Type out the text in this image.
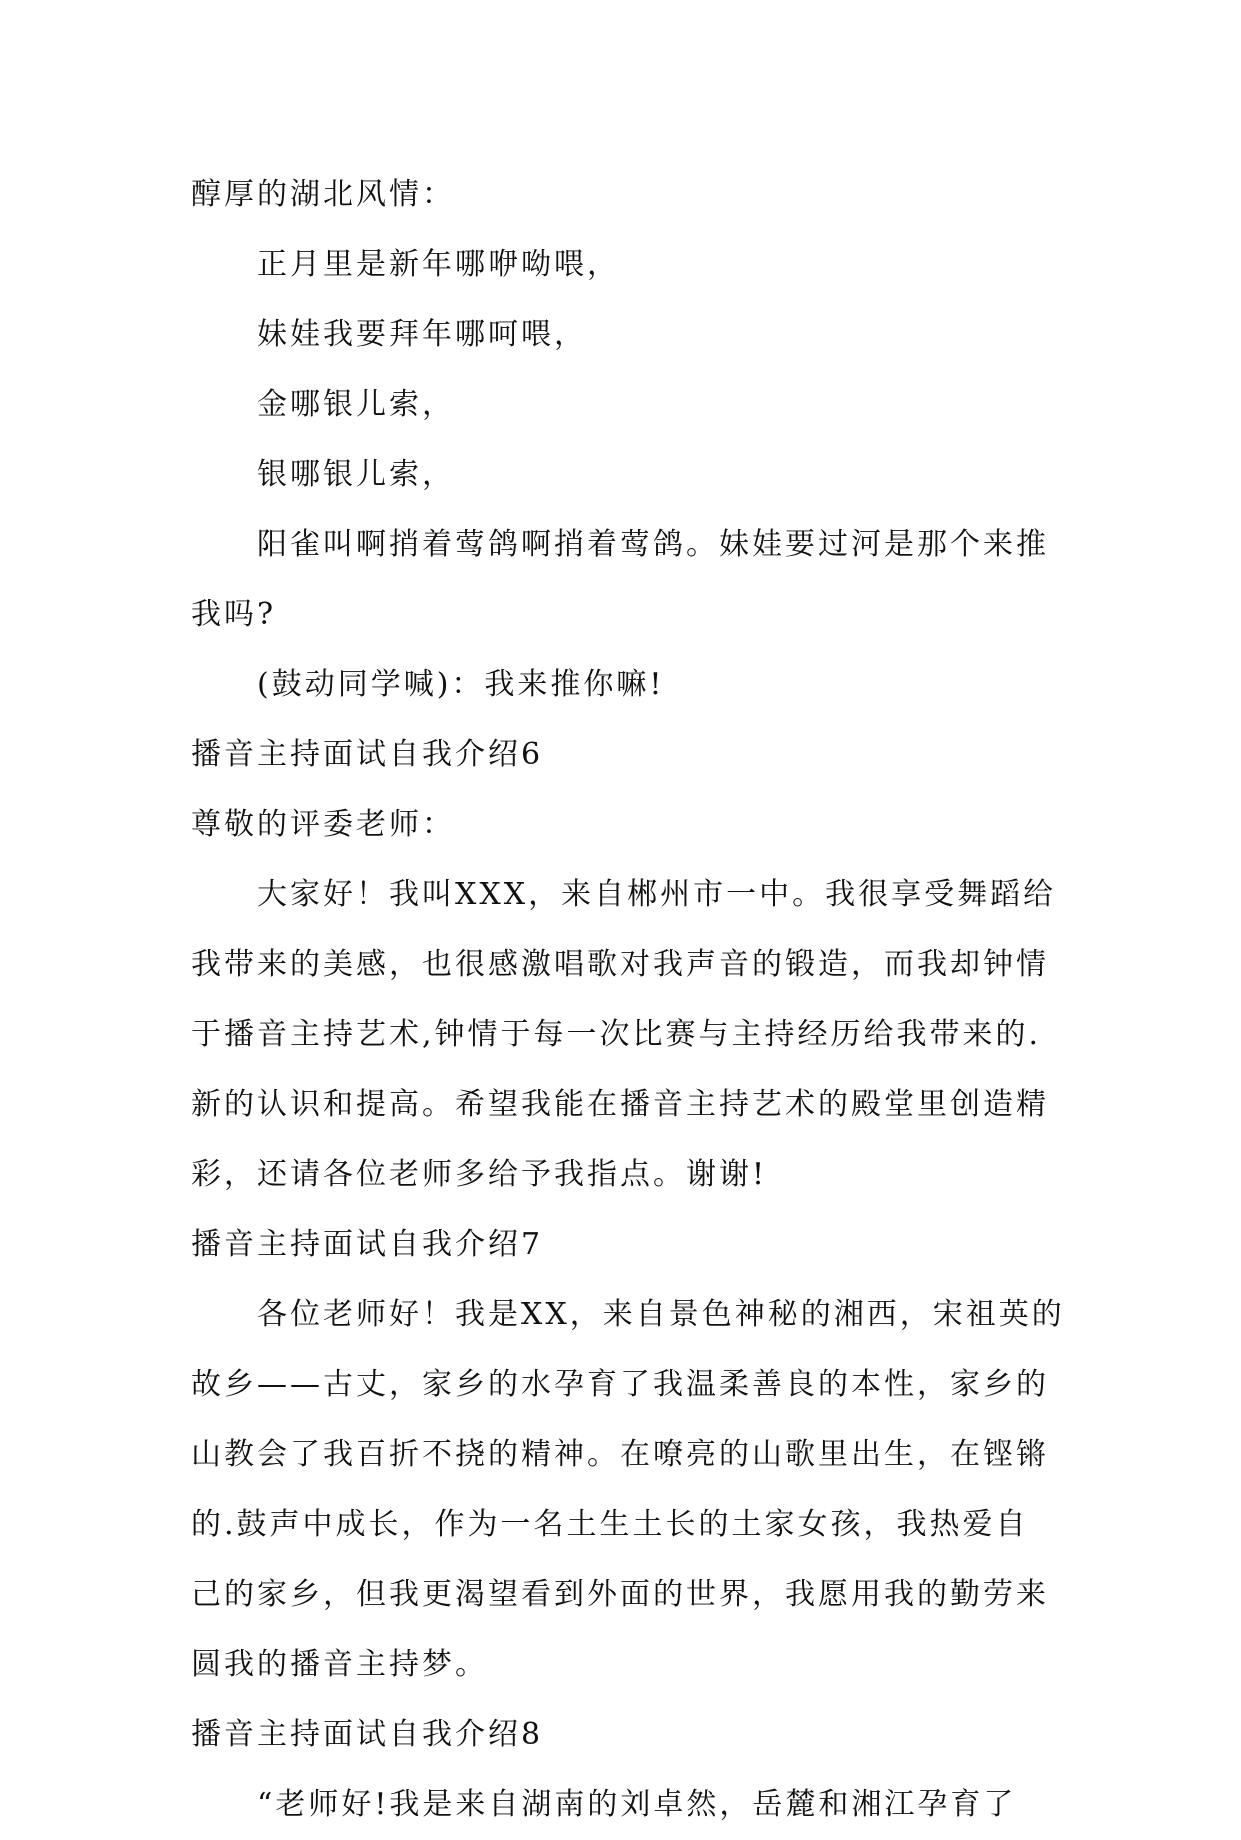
醇厚的湖北风情：
正月里是新年哪咿呦喂，
妹娃我要拜年哪呵喂，
金哪银儿索，
银哪银儿索，
阳雀叫啊捎着莺鸽啊捎着莺鸽。妹娃要过河是那个来推
我吗?
(鼓动同学喊)：我来推你嘛!
播音主持面试自我介绍6
尊敬的评委老师：
大家好！我叫XXX，来自郴州市一中。我很享受舞蹈给
我带来的美感，也很感激唱歌对我声音的锻造，而我却钟情
于播音主持艺术,钟情于每一次比赛与主持经历给我带来的.
新的认识和提高。希望我能在播音主持艺术的殿堂里创造精
彩，还请各位老师多给予我指点。谢谢!
播音主持面试自我介绍7
各位老师好！我是XX，来自景色神秘的湘西，宋祖英的
故乡——古丈，家乡的水孕育了我温柔善良的本性，家乡的
山教会了我百折不挠的精神。在嘹亮的山歌里出生，在铿锵
的.鼓声中成长，作为一名土生土长的土家女孩，我热爱自
己的家乡，但我更渴望看到外面的世界，我愿用我的勤劳来
圆我的播音主持梦。
播音主持面试自我介绍8
“老师好!我是来自湖南的刘卓然，岳麓和湘江孕育了
